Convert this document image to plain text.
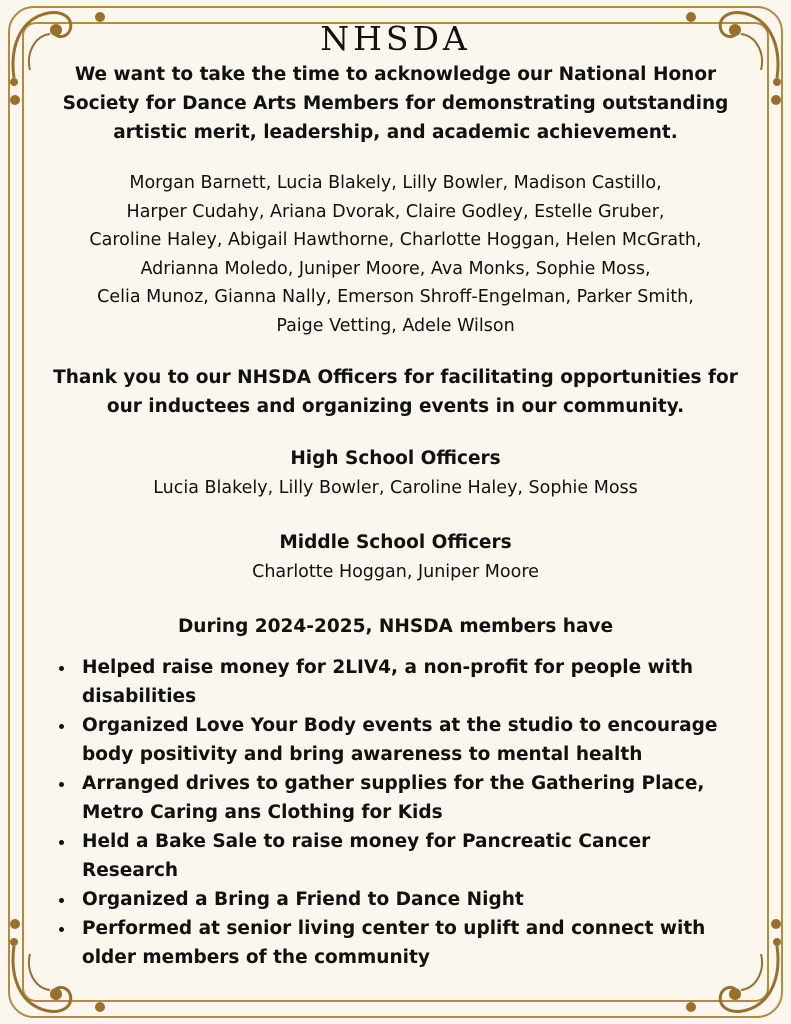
NHSDA

We want to take the time to acknowledge our National Honor Society for Dance Arts Members for demonstrating outstanding artistic merit, leadership, and academic achievement.

Morgan Barnett, Lucia Blakely, Lilly Bowler, Madison Castillo,
Harper Cudahy, Ariana Dvorak, Claire Godley, Estelle Gruber,
Caroline Haley, Abigail Hawthorne, Charlotte Hoggan, Helen McGrath,
Adrianna Moledo, Juniper Moore, Ava Monks, Sophie Moss,
Celia Munoz, Gianna Nally, Emerson Shroff-Engelman, Parker Smith,
Paige Vetting, Adele Wilson

Thank you to our NHSDA Officers for facilitating opportunities for our inductees and organizing events in our community.

High School Officers

Lucia Blakely, Lilly Bowler, Caroline Haley, Sophie Moss

Middle School Officers

Charlotte Hoggan, Juniper Moore

During 2024-2025, NHSDA members have

• Helped raise money for 2LIV4, a non-profit for people with disabilities
• Organized Love Your Body events at the studio to encourage body positivity and bring awareness to mental health
• Arranged drives to gather supplies for the Gathering Place, Metro Caring ans Clothing for Kids
• Held a Bake Sale to raise money for Pancreatic Cancer Research
• Organized a Bring a Friend to Dance Night
• Performed at senior living center to uplift and connect with older members of the community
